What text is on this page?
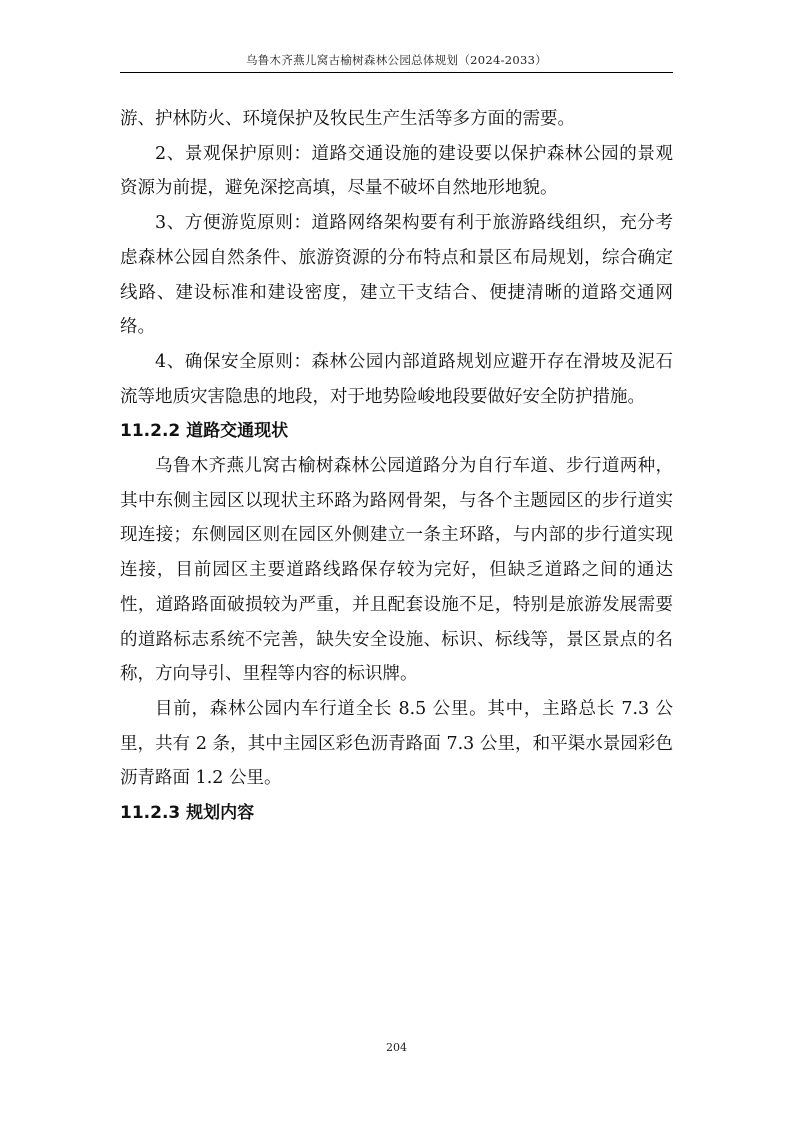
乌鲁木齐燕儿窝古榆树森林公园总体规划（2024-2033）

游、护林防火、环境保护及牧民生产生活等多方面的需要。

2、景观保护原则：道路交通设施的建设要以保护森林公园的景观资源为前提，避免深挖高填，尽量不破坏自然地形地貌。

3、方便游览原则：道路网络架构要有利于旅游路线组织，充分考虑森林公园自然条件、旅游资源的分布特点和景区布局规划，综合确定线路、建设标准和建设密度，建立干支结合、便捷清晰的道路交通网络。

4、确保安全原则：森林公园内部道路规划应避开存在滑坡及泥石流等地质灾害隐患的地段，对于地势险峻地段要做好安全防护措施。

11.2.2 道路交通现状

乌鲁木齐燕儿窝古榆树森林公园道路分为自行车道、步行道两种，其中东侧主园区以现状主环路为路网骨架，与各个主题园区的步行道实现连接；东侧园区则在园区外侧建立一条主环路，与内部的步行道实现连接，目前园区主要道路线路保存较为完好，但缺乏道路之间的通达性，道路路面破损较为严重，并且配套设施不足，特别是旅游发展需要的道路标志系统不完善，缺失安全设施、标识、标线等，景区景点的名称，方向导引、里程等内容的标识牌。

目前，森林公园内车行道全长 8.5 公里。其中，主路总长 7.3 公里，共有 2 条，其中主园区彩色沥青路面 7.3 公里，和平渠水景园彩色沥青路面 1.2 公里。

11.2.3 规划内容

204
